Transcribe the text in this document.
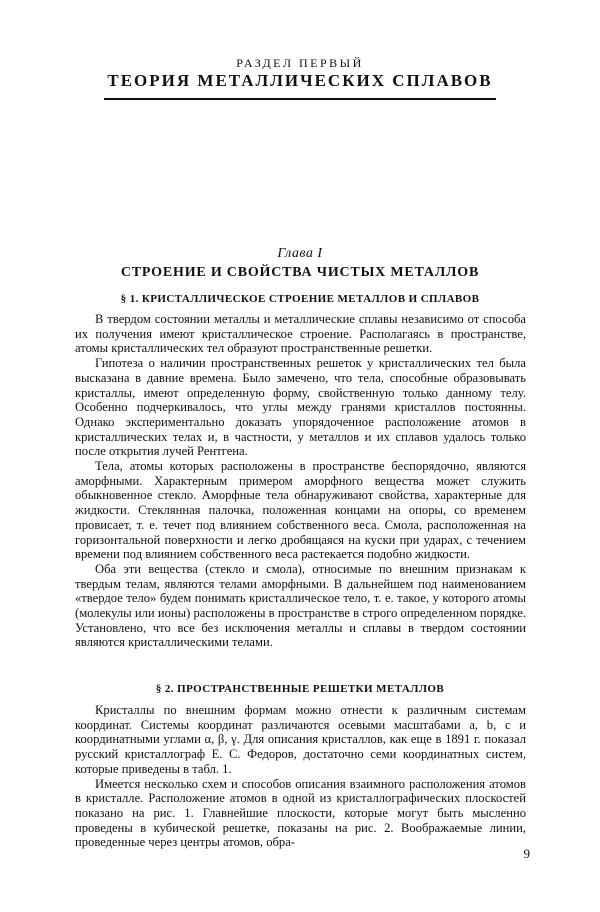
РАЗДЕЛ ПЕРВЫЙ
ТЕОРИЯ МЕТАЛЛИЧЕСКИХ СПЛАВОВ
Глава I
СТРОЕНИЕ И СВОЙСТВА ЧИСТЫХ МЕТАЛЛОВ
§ 1. КРИСТАЛЛИЧЕСКОЕ СТРОЕНИЕ МЕТАЛЛОВ И СПЛАВОВ

В твердом состоянии металлы и металлические сплавы независимо от способа их получения имеют кристаллическое строение. Располагаясь в пространстве, атомы кристаллических тел образуют пространственные решетки.

Гипотеза о наличии пространственных решеток у кристаллических тел была высказана в давние времена. Было замечено, что тела, способные образовывать кристаллы, имеют определенную форму, свойственную только данному телу. Особенно подчеркивалось, что углы между гранями кристаллов постоянны. Однако экспериментально доказать упорядоченное расположение атомов в кристаллических телах и, в частности, у металлов и их сплавов удалось только после открытия лучей Рентгена.

Тела, атомы которых расположены в пространстве беспорядочно, являются аморфными. Характерным примером аморфного вещества может служить обыкновенное стекло. Аморфные тела обнаруживают свойства, характерные для жидкости. Стеклянная палочка, положенная концами на опоры, со временем провисает, т. е. течет под влиянием собственного веса. Смола, расположенная на горизонтальной поверхности и легко дробящаяся на куски при ударах, с течением времени под влиянием собственного веса растекается подобно жидкости.

Оба эти вещества (стекло и смола), относимые по внешним признакам к твердым телам, являются телами аморфными. В дальнейшем под наименованием «твердое тело» будем понимать кристаллическое тело, т. е. такое, у которого атомы (молекулы или ионы) расположены в пространстве в строго определенном порядке. Установлено, что все без исключения металлы и сплавы в твердом состоянии являются кристаллическими телами.

§ 2. ПРОСТРАНСТВЕННЫЕ РЕШЕТКИ МЕТАЛЛОВ

Кристаллы по внешним формам можно отнести к различным системам координат. Системы координат различаются осевыми масштабами a, b, c и координатными углами α, β, γ. Для описания кристаллов, как еще в 1891 г. показал русский кристаллограф Е. С. Федоров, достаточно семи координатных систем, которые приведены в табл. 1.

Имеется несколько схем и способов описания взаимного расположения атомов в кристалле. Расположение атомов в одной из кристаллографических плоскостей показано на рис. 1. Главнейшие плоскости, которые могут быть мысленно проведены в кубической решетке, показаны на рис. 2. Воображаемые линии, проведенные через центры атомов, обра-

9
